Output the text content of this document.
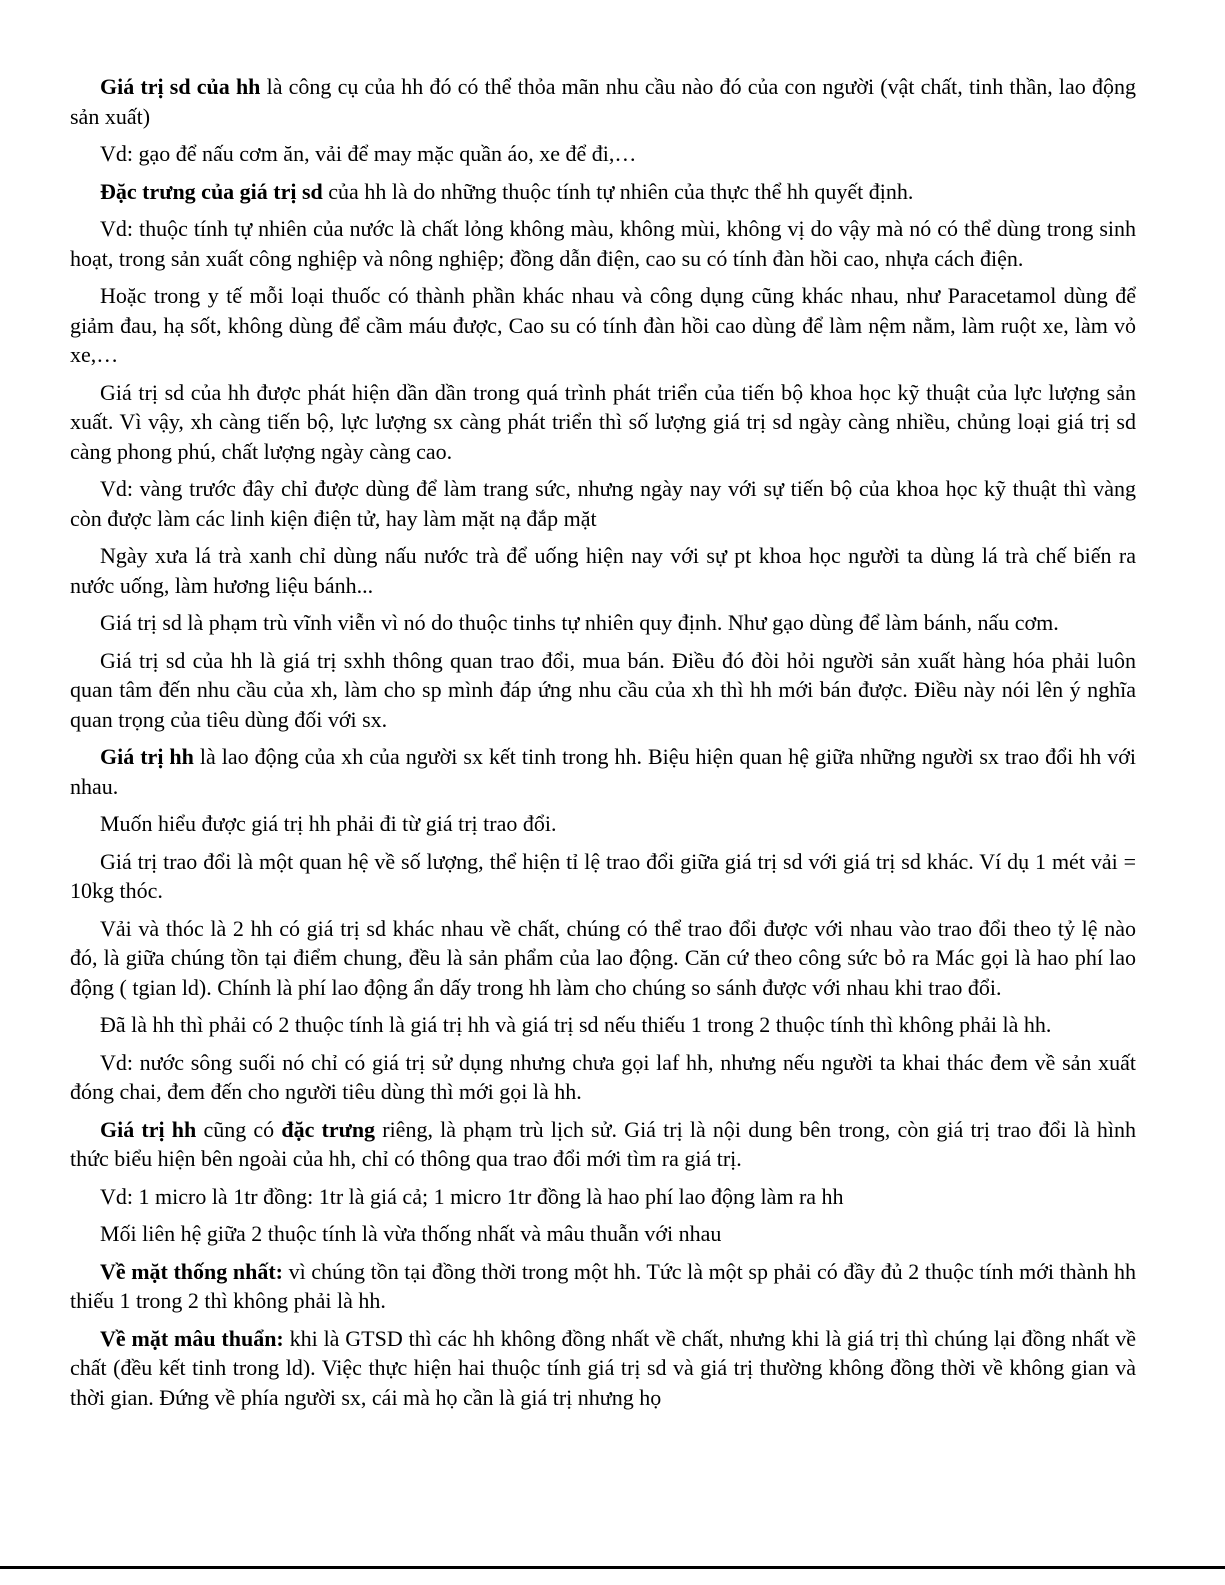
Giá trị sd của hh là công cụ của hh đó có thể thỏa mãn nhu cầu nào đó của con người (vật chất, tinh thần, lao động sản xuất)

Vd: gạo để nấu cơm ăn, vải để may mặc quần áo, xe để đi,…

Đặc trưng của giá trị sd của hh là do những thuộc tính tự nhiên của thực thể hh quyết định.

Vd: thuộc tính tự nhiên của nước là chất lỏng không màu, không mùi, không vị do vậy mà nó có thể dùng trong sinh hoạt, trong sản xuất công nghiệp và nông nghiệp; đồng dẫn điện, cao su có tính đàn hồi cao, nhựa cách điện.

Hoặc trong y tế mỗi loại thuốc có thành phần khác nhau và công dụng cũng khác nhau, như Paracetamol dùng để giảm đau, hạ sốt, không dùng để cầm máu được, Cao su có tính đàn hồi cao dùng để làm nệm nằm, làm ruột xe, làm vỏ xe,…

Giá trị sd của hh được phát hiện dần dần trong quá trình phát triển của tiến bộ khoa học kỹ thuật của lực lượng sản xuất. Vì vậy, xh càng tiến bộ, lực lượng sx càng phát triển thì số lượng giá trị sd ngày càng nhiều, chủng loại giá trị sd càng phong phú, chất lượng ngày càng cao.

Vd: vàng trước đây chỉ được dùng để làm trang sức, nhưng ngày nay với sự tiến bộ của khoa học kỹ thuật thì vàng còn được làm các linh kiện điện tử, hay làm mặt nạ đắp mặt

Ngày xưa lá trà xanh chỉ dùng nấu nước trà để uống hiện nay với sự pt khoa học người ta dùng lá trà chế biến ra nước uống, làm hương liệu bánh...

Giá trị sd là phạm trù vĩnh viễn vì nó do thuộc tinhs tự nhiên quy định. Như gạo dùng để làm bánh, nấu cơm.

Giá trị sd của hh là giá trị sxhh thông quan trao đổi, mua bán. Điều đó đòi hỏi người sản xuất hàng hóa phải luôn quan tâm đến nhu cầu của xh, làm cho sp mình đáp ứng nhu cầu của xh thì hh mới bán được. Điều này nói lên ý nghĩa quan trọng của tiêu dùng đối với sx.

Giá trị hh là lao động của xh của người sx kết tinh trong hh. Biệu hiện quan hệ giữa những người sx trao đổi hh với nhau.

Muốn hiểu được giá trị hh phải đi từ giá trị trao đổi.

Giá trị trao đổi là một quan hệ về số lượng, thể hiện tỉ lệ trao đổi giữa giá trị sd với giá trị sd khác. Ví dụ 1 mét vải = 10kg thóc.

Vải và thóc là 2 hh có giá trị sd khác nhau về chất, chúng có thể trao đổi được với nhau vào trao đổi theo tỷ lệ nào đó, là giữa chúng tồn tại điểm chung, đều là sản phẩm của lao động. Căn cứ theo công sức bỏ ra Mác gọi là hao phí lao động ( tgian ld). Chính là phí lao động ẩn dấy trong hh làm cho chúng so sánh được với nhau khi trao đổi.

Đã là hh thì phải có 2 thuộc tính là giá trị hh và giá trị sd nếu thiếu 1 trong 2 thuộc tính thì không phải là hh.

Vd: nước sông suối nó chỉ có giá trị sử dụng nhưng chưa gọi laf hh, nhưng nếu người ta khai thác đem về sản xuất đóng chai, đem đến cho người tiêu dùng thì mới gọi là hh.

Giá trị hh cũng có đặc trưng riêng, là phạm trù lịch sử. Giá trị là nội dung bên trong, còn giá trị trao đổi là hình thức biểu hiện bên ngoài của hh, chỉ có thông qua trao đổi mới tìm ra giá trị.

Vd: 1 micro là 1tr đồng: 1tr là giá cả; 1 micro 1tr đồng là hao phí lao động làm ra hh

Mối liên hệ giữa 2 thuộc tính là vừa thống nhất và mâu thuẫn với nhau

Về mặt thống nhất: vì chúng tồn tại đồng thời trong một hh. Tức là một sp phải có đầy đủ 2 thuộc tính mới thành hh thiếu 1 trong 2 thì không phải là hh.

Về mặt mâu thuẩn: khi là GTSD thì các hh không đồng nhất về chất, nhưng khi là giá trị thì chúng lại đồng nhất về chất (đều kết tinh trong ld). Việc thực hiện hai thuộc tính giá trị sd và giá trị thường không đồng thời về không gian và thời gian. Đứng về phía người sx, cái mà họ cần là giá trị nhưng họ
